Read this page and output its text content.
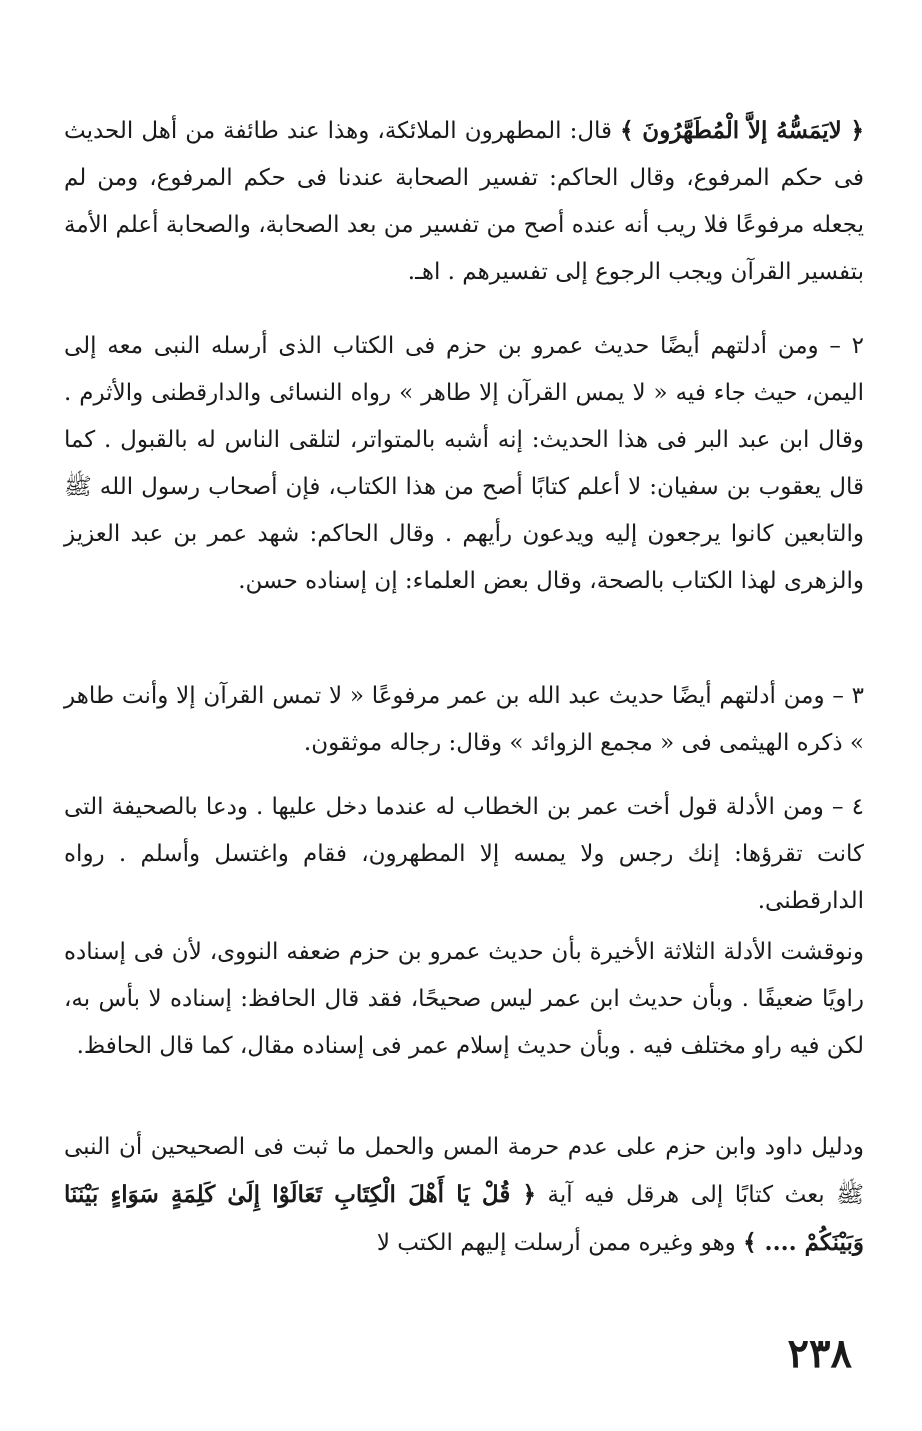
﴿ لايَمَسُّهُ إلاَّ الْمُطَهَّرُونَ ﴾ قال: المطهرون الملائكة، وهذا عند طائفة من أهل الحديث فى حكم المرفوع، وقال الحاكم: تفسير الصحابة عندنا فى حكم المرفوع، ومن لم يجعله مرفوعًا فلا ريب أنه عنده أصح من تفسير من بعد الصحابة، والصحابة أعلم الأمة بتفسير القرآن ويجب الرجوع إلى تفسيرهم . اهـ.

٢ – ومن أدلتهم أيضًا حديث عمرو بن حزم فى الكتاب الذى أرسله النبى معه إلى اليمن، حيث جاء فيه « لا يمس القرآن إلا طاهر » رواه النسائى والدارقطنى والأثرم . وقال ابن عبد البر فى هذا الحديث: إنه أشبه بالمتواتر، لتلقى الناس له بالقبول . كما قال يعقوب بن سفيان: لا أعلم كتابًا أصح من هذا الكتاب، فإن أصحاب رسول الله ﷺ والتابعين كانوا يرجعون إليه ويدعون رأيهم . وقال الحاكم: شهد عمر بن عبد العزيز والزهرى لهذا الكتاب بالصحة، وقال بعض العلماء: إن إسناده حسن.

٣ – ومن أدلتهم أيضًا حديث عبد الله بن عمر مرفوعًا « لا تمس القرآن إلا وأنت طاهر » ذكره الهيثمى فى « مجمع الزوائد » وقال: رجاله موثقون.

٤ – ومن الأدلة قول أخت عمر بن الخطاب له عندما دخل عليها . ودعا بالصحيفة التى كانت تقرؤها: إنك رجس ولا يمسه إلا المطهرون، فقام واغتسل وأسلم . رواه الدارقطنى.

ونوقشت الأدلة الثلاثة الأخيرة بأن حديث عمرو بن حزم ضعفه النووى، لأن فى إسناده راويًا ضعيفًا . وبأن حديث ابن عمر ليس صحيحًا، فقد قال الحافظ: إسناده لا بأس به، لكن فيه راو مختلف فيه . وبأن حديث إسلام عمر فى إسناده مقال، كما قال الحافظ.

ودليل داود وابن حزم على عدم حرمة المس والحمل ما ثبت فى الصحيحين أن النبى ﷺ بعث كتابًا إلى هرقل فيه آية ﴿ قُلْ يَا أَهْلَ الْكِتَابِ تَعَالَوْا إِلَىٰ كَلِمَةٍ سَوَاءٍ بَيْنَنَا وَبَيْنَكُمْ .... ﴾ وهو وغيره ممن أرسلت إليهم الكتب لا

٢٣٨
